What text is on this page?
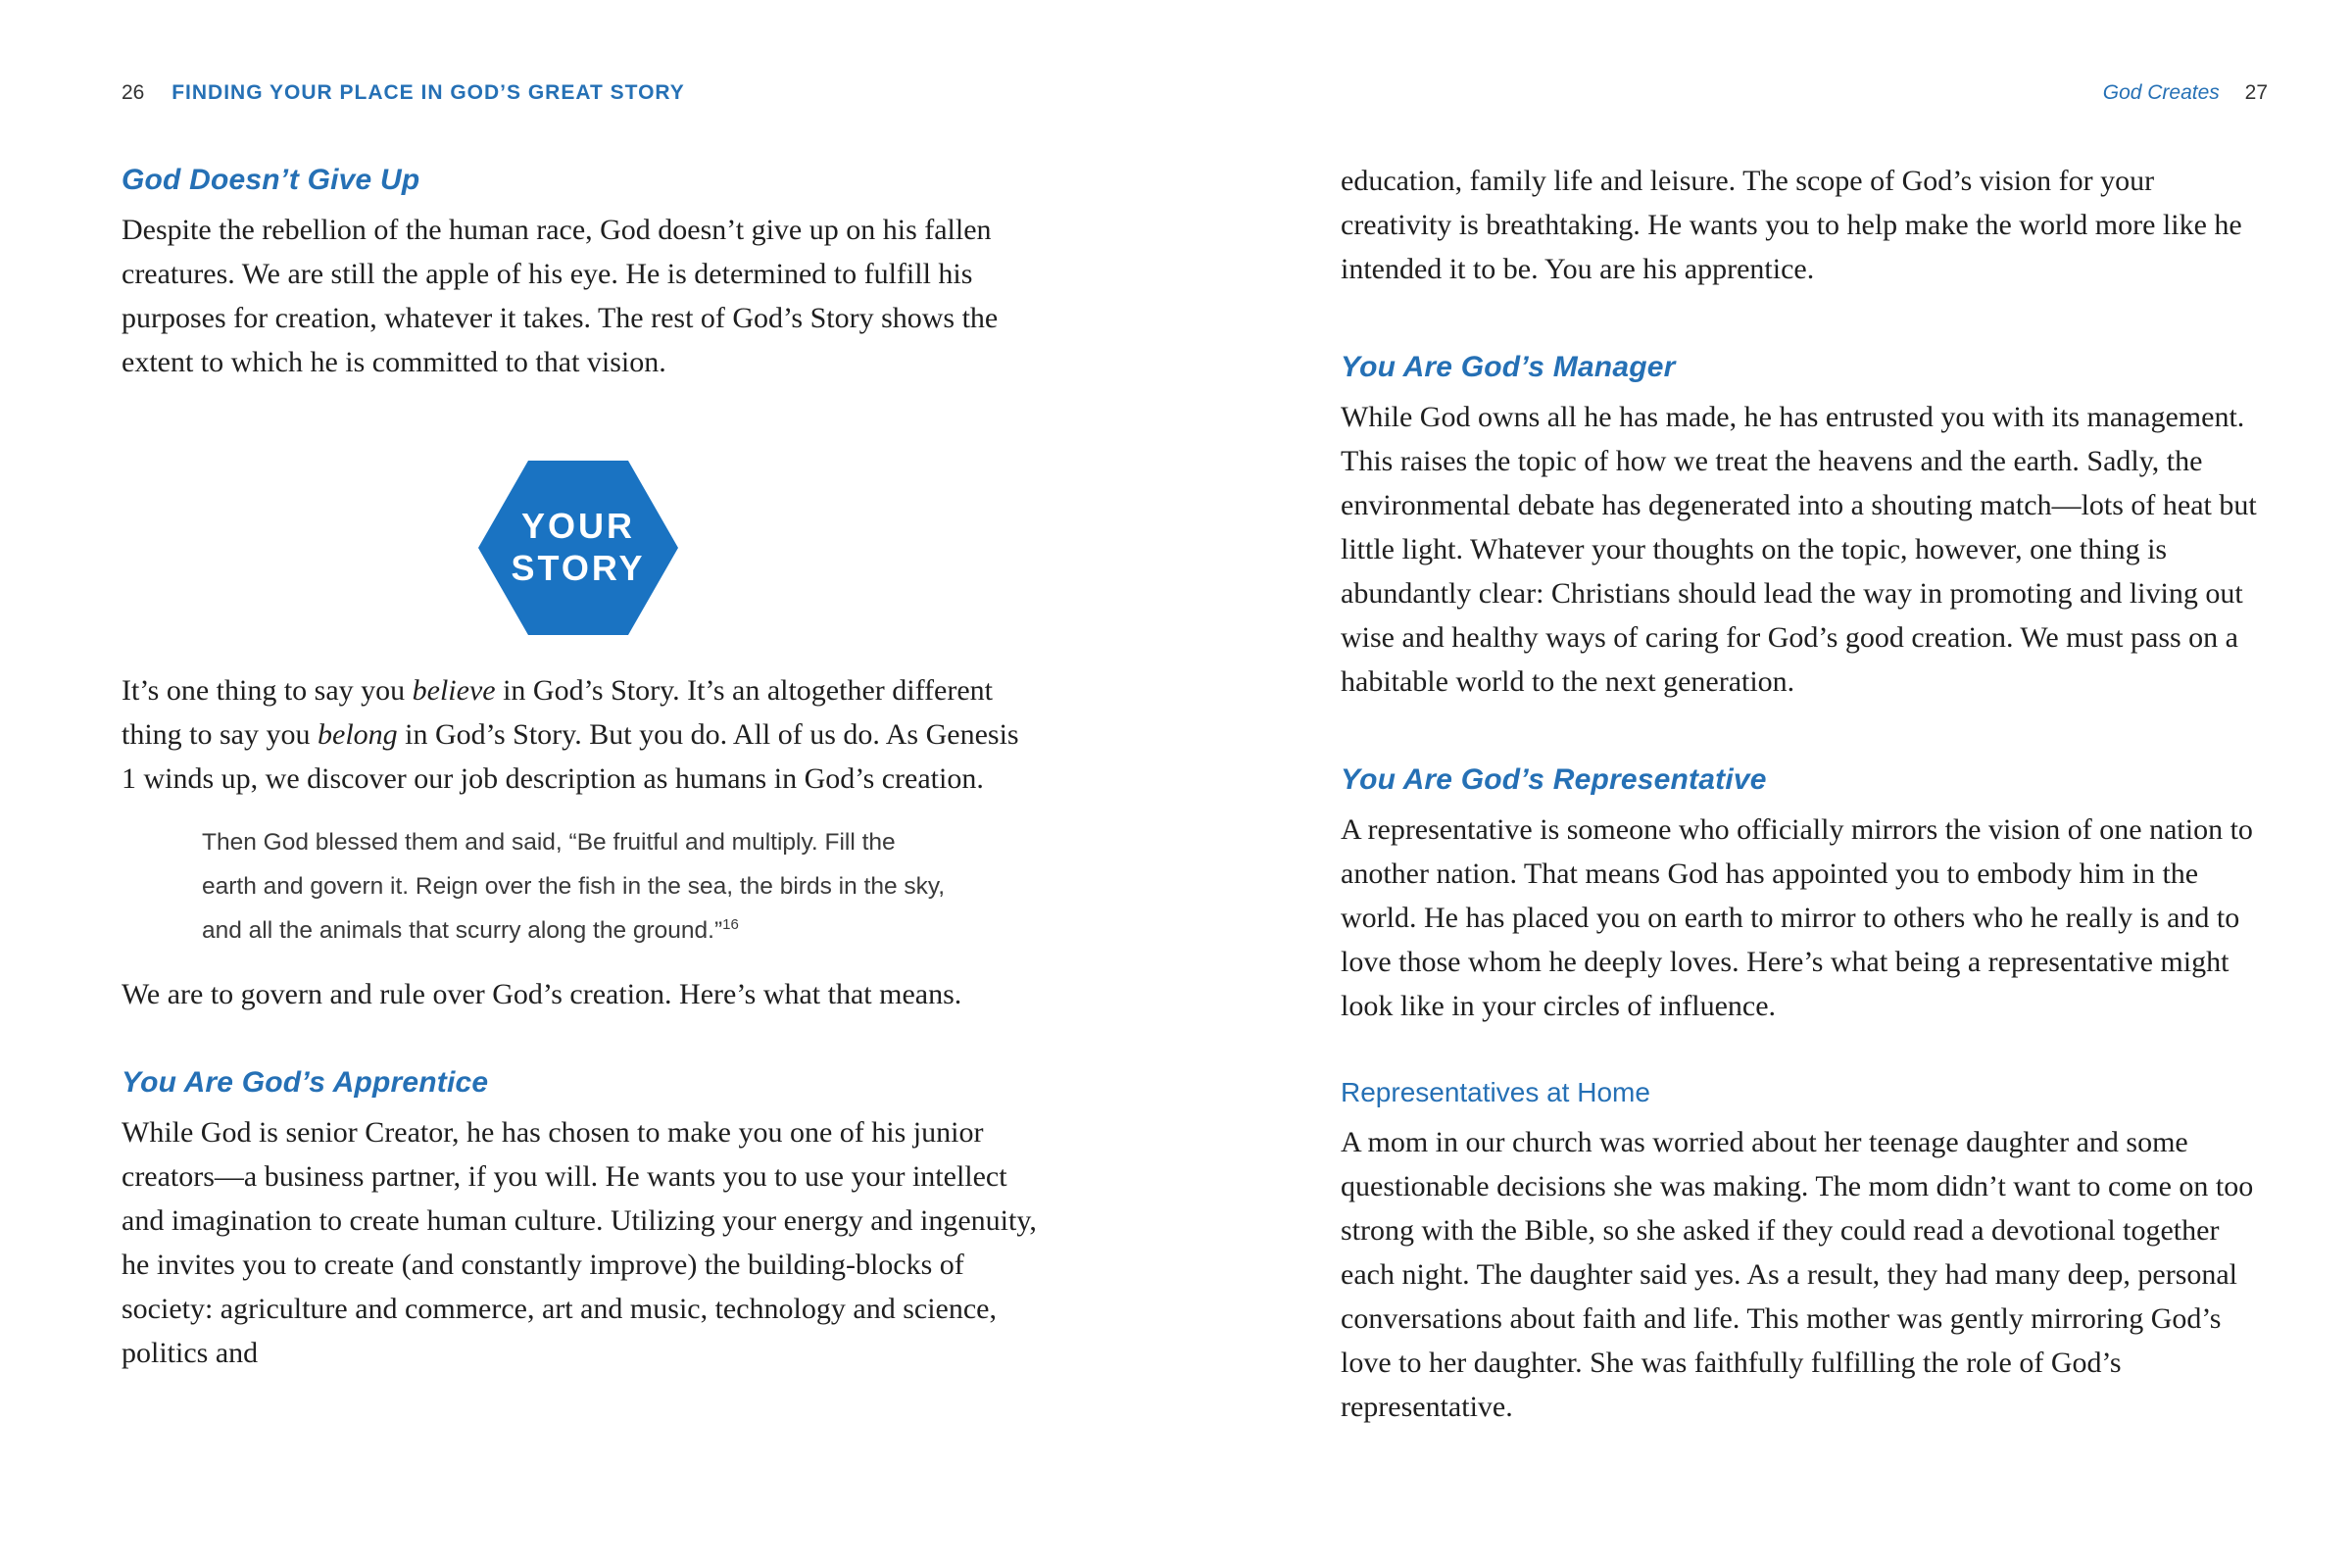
26 FINDING YOUR PLACE IN GOD’S GREAT STORY
God Doesn’t Give Up

Despite the rebellion of the human race, God doesn’t give up on his fallen creatures. We are still the apple of his eye. He is determined to fulfill his purposes for creation, whatever it takes. The rest of God’s Story shows the extent to which he is committed to that vision.

YOUR
STORY

It’s one thing to say you believe in God’s Story. It’s an altogether different thing to say you belong in God’s Story. But you do. All of us do. As Genesis 1 winds up, we discover our job description as humans in God’s creation.

Then God blessed them and said, “Be fruitful and multiply. Fill the earth and govern it. Reign over the fish in the sea, the birds in the sky, and all the animals that scurry along the ground.”$^{16}$

We are to govern and rule over God’s creation. Here’s what that means.

You Are God’s Apprentice

While God is senior Creator, he has chosen to make you one of his junior creators—a business partner, if you will. He wants you to use your intellect and imagination to create human culture. Utilizing your energy and ingenuity, he invites you to create (and constantly improve) the building-blocks of society: agriculture and commerce, art and music, technology and science, politics and

God Creates 27

education, family life and leisure. The scope of God’s vision for your creativity is breathtaking. He wants you to help make the world more like he intended it to be. You are his apprentice.

You Are God’s Manager

While God owns all he has made, he has entrusted you with its management. This raises the topic of how we treat the heavens and the earth. Sadly, the environmental debate has degenerated into a shouting match—lots of heat but little light. Whatever your thoughts on the topic, however, one thing is abundantly clear: Christians should lead the way in promoting and living out wise and healthy ways of caring for God’s good creation. We must pass on a habitable world to the next generation.

You Are God’s Representative

A representative is someone who officially mirrors the vision of one nation to another nation. That means God has appointed you to embody him in the world. He has placed you on earth to mirror to others who he really is and to love those whom he deeply loves. Here’s what being a representative might look like in your circles of influence.

Representatives at Home

A mom in our church was worried about her teenage daughter and some questionable decisions she was making. The mom didn’t want to come on too strong with the Bible, so she asked if they could read a devotional together each night. The daughter said yes. As a result, they had many deep, personal conversations about faith and life. This mother was gently mirroring God’s love to her daughter. She was faithfully fulfilling the role of God’s representative.
